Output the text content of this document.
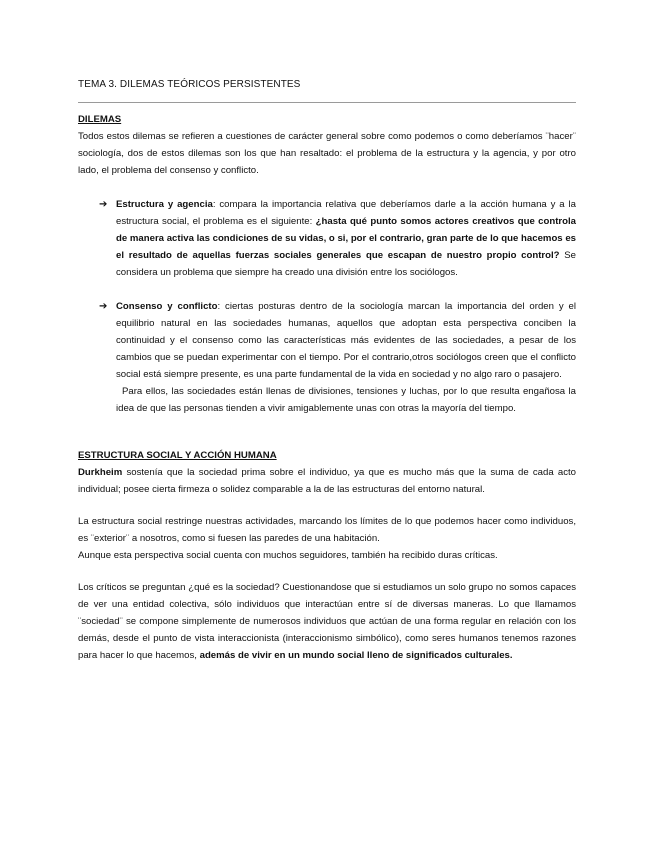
TEMA 3. DILEMAS TEÓRICOS PERSISTENTES
DILEMAS

Todos estos dilemas se refieren a cuestiones de carácter general sobre como podemos o como deberíamos ¨hacer¨ sociología, dos de estos dilemas son los que han resaltado: el problema de la estructura y la agencia, y por otro lado, el problema del consenso y conflicto.

➔ Estructura y agencia: compara la importancia relativa que deberíamos darle a la acción humana y a la estructura social, el problema es el siguiente: ¿hasta qué punto somos actores creativos que controla de manera activa las condiciones de su vidas, o si, por el contrario, gran parte de lo que hacemos es el resultado de aquellas fuerzas sociales generales que escapan de nuestro propio control? Se considera un problema que siempre ha creado una división entre los sociólogos.

➔ Consenso y conflicto: ciertas posturas dentro de la sociología marcan la importancia del orden y el equilibrio natural en las sociedades humanas, aquellos que adoptan esta perspectiva conciben la continuidad y el consenso como las características más evidentes de las sociedades, a pesar de los cambios que se puedan experimentar con el tiempo. Por el contrario,otros sociólogos creen que el conflicto social está siempre presente, es una parte fundamental de la vida en sociedad y no algo raro o pasajero.

Para ellos, las sociedades están llenas de divisiones, tensiones y luchas, por lo que resulta engañosa la idea de que las personas tienden a vivir amigablemente unas con otras la mayoría del tiempo.

ESTRUCTURA SOCIAL Y ACCIÓN HUMANA

Durkheim sostenía que la sociedad prima sobre el individuo, ya que es mucho más que la suma de cada acto individual; posee cierta firmeza o solidez comparable a la de las estructuras del entorno natural.

La estructura social restringe nuestras actividades, marcando los límites de lo que podemos hacer como individuos, es ¨exterior¨ a nosotros, como si fuesen las paredes de una habitación.
Aunque esta perspectiva social cuenta con muchos seguidores, también ha recibido duras críticas.

Los críticos se preguntan ¿qué es la sociedad? Cuestionandose que si estudiamos un solo grupo no somos capaces de ver una entidad colectiva, sólo individuos que interactúan entre sí de diversas maneras. Lo que llamamos ¨sociedad¨ se compone simplemente de numerosos individuos que actúan de una forma regular en relación con los demás, desde el punto de vista interaccionista (interaccionismo simbólico), como seres humanos tenemos razones para hacer lo que hacemos, además de vivir en un mundo social lleno de significados culturales.
